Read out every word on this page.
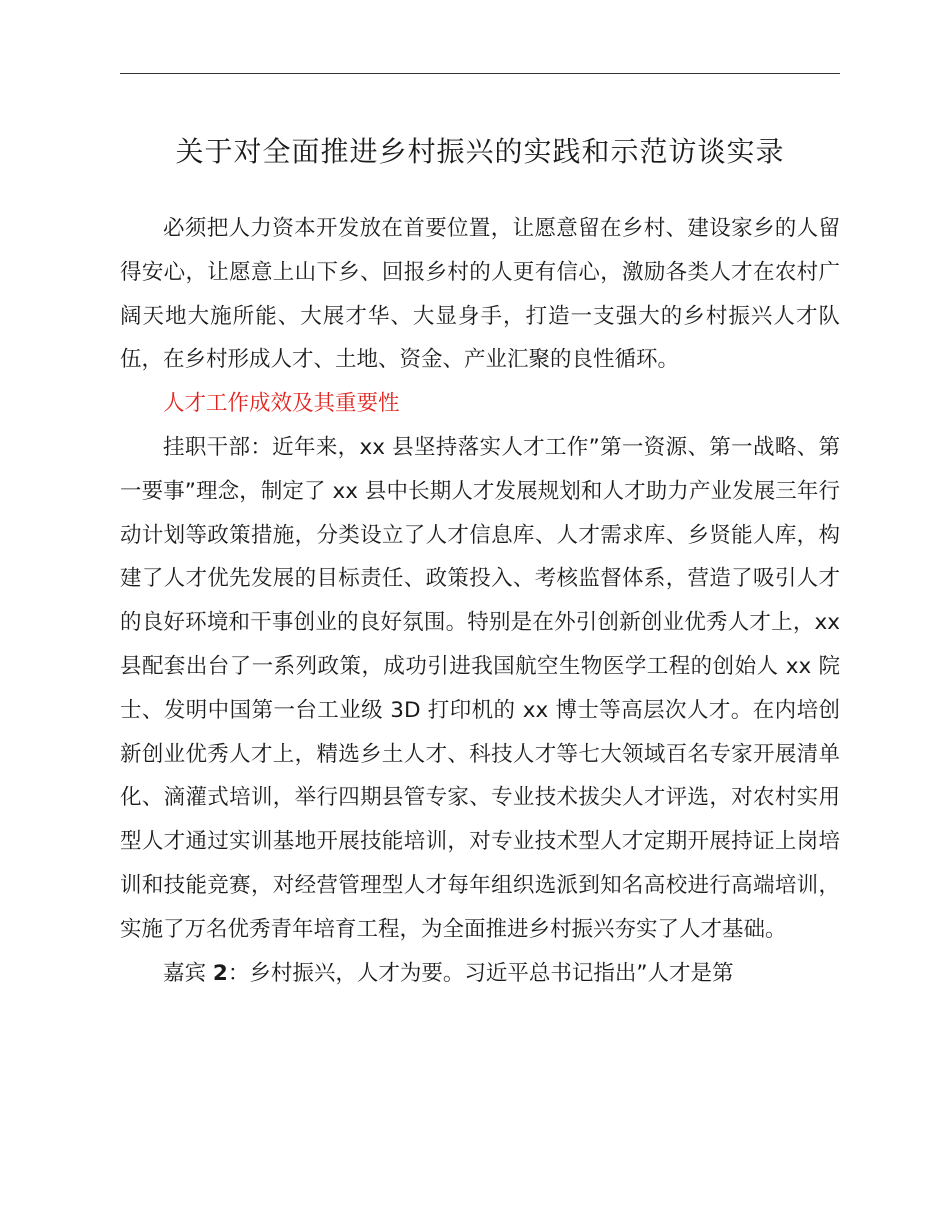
关于对全面推进乡村振兴的实践和示范访谈实录

必须把人力资本开发放在首要位置，让愿意留在乡村、建设家乡的人留得安心，让愿意上山下乡、回报乡村的人更有信心，激励各类人才在农村广阔天地大施所能、大展才华、大显身手，打造一支强大的乡村振兴人才队伍，在乡村形成人才、土地、资金、产业汇聚的良性循环。

人才工作成效及其重要性

挂职干部：近年来，xx 县坚持落实人才工作”第一资源、第一战略、第一要事”理念，制定了 xx 县中长期人才发展规划和人才助力产业发展三年行动计划等政策措施，分类设立了人才信息库、人才需求库、乡贤能人库，构建了人才优先发展的目标责任、政策投入、考核监督体系，营造了吸引人才的良好环境和干事创业的良好氛围。特别是在外引创新创业优秀人才上，xx 县配套出台了一系列政策，成功引进我国航空生物医学工程的创始人 xx 院士、发明中国第一台工业级 3D 打印机的 xx 博士等高层次人才。在内培创新创业优秀人才上，精选乡土人才、科技人才等七大领域百名专家开展清单化、滴灌式培训，举行四期县管专家、专业技术拔尖人才评选，对农村实用型人才通过实训基地开展技能培训，对专业技术型人才定期开展持证上岗培训和技能竞赛，对经营管理型人才每年组织选派到知名高校进行高端培训，实施了万名优秀青年培育工程，为全面推进乡村振兴夯实了人才基础。

嘉宾 2：乡村振兴，人才为要。习近平总书记指出”人才是第
